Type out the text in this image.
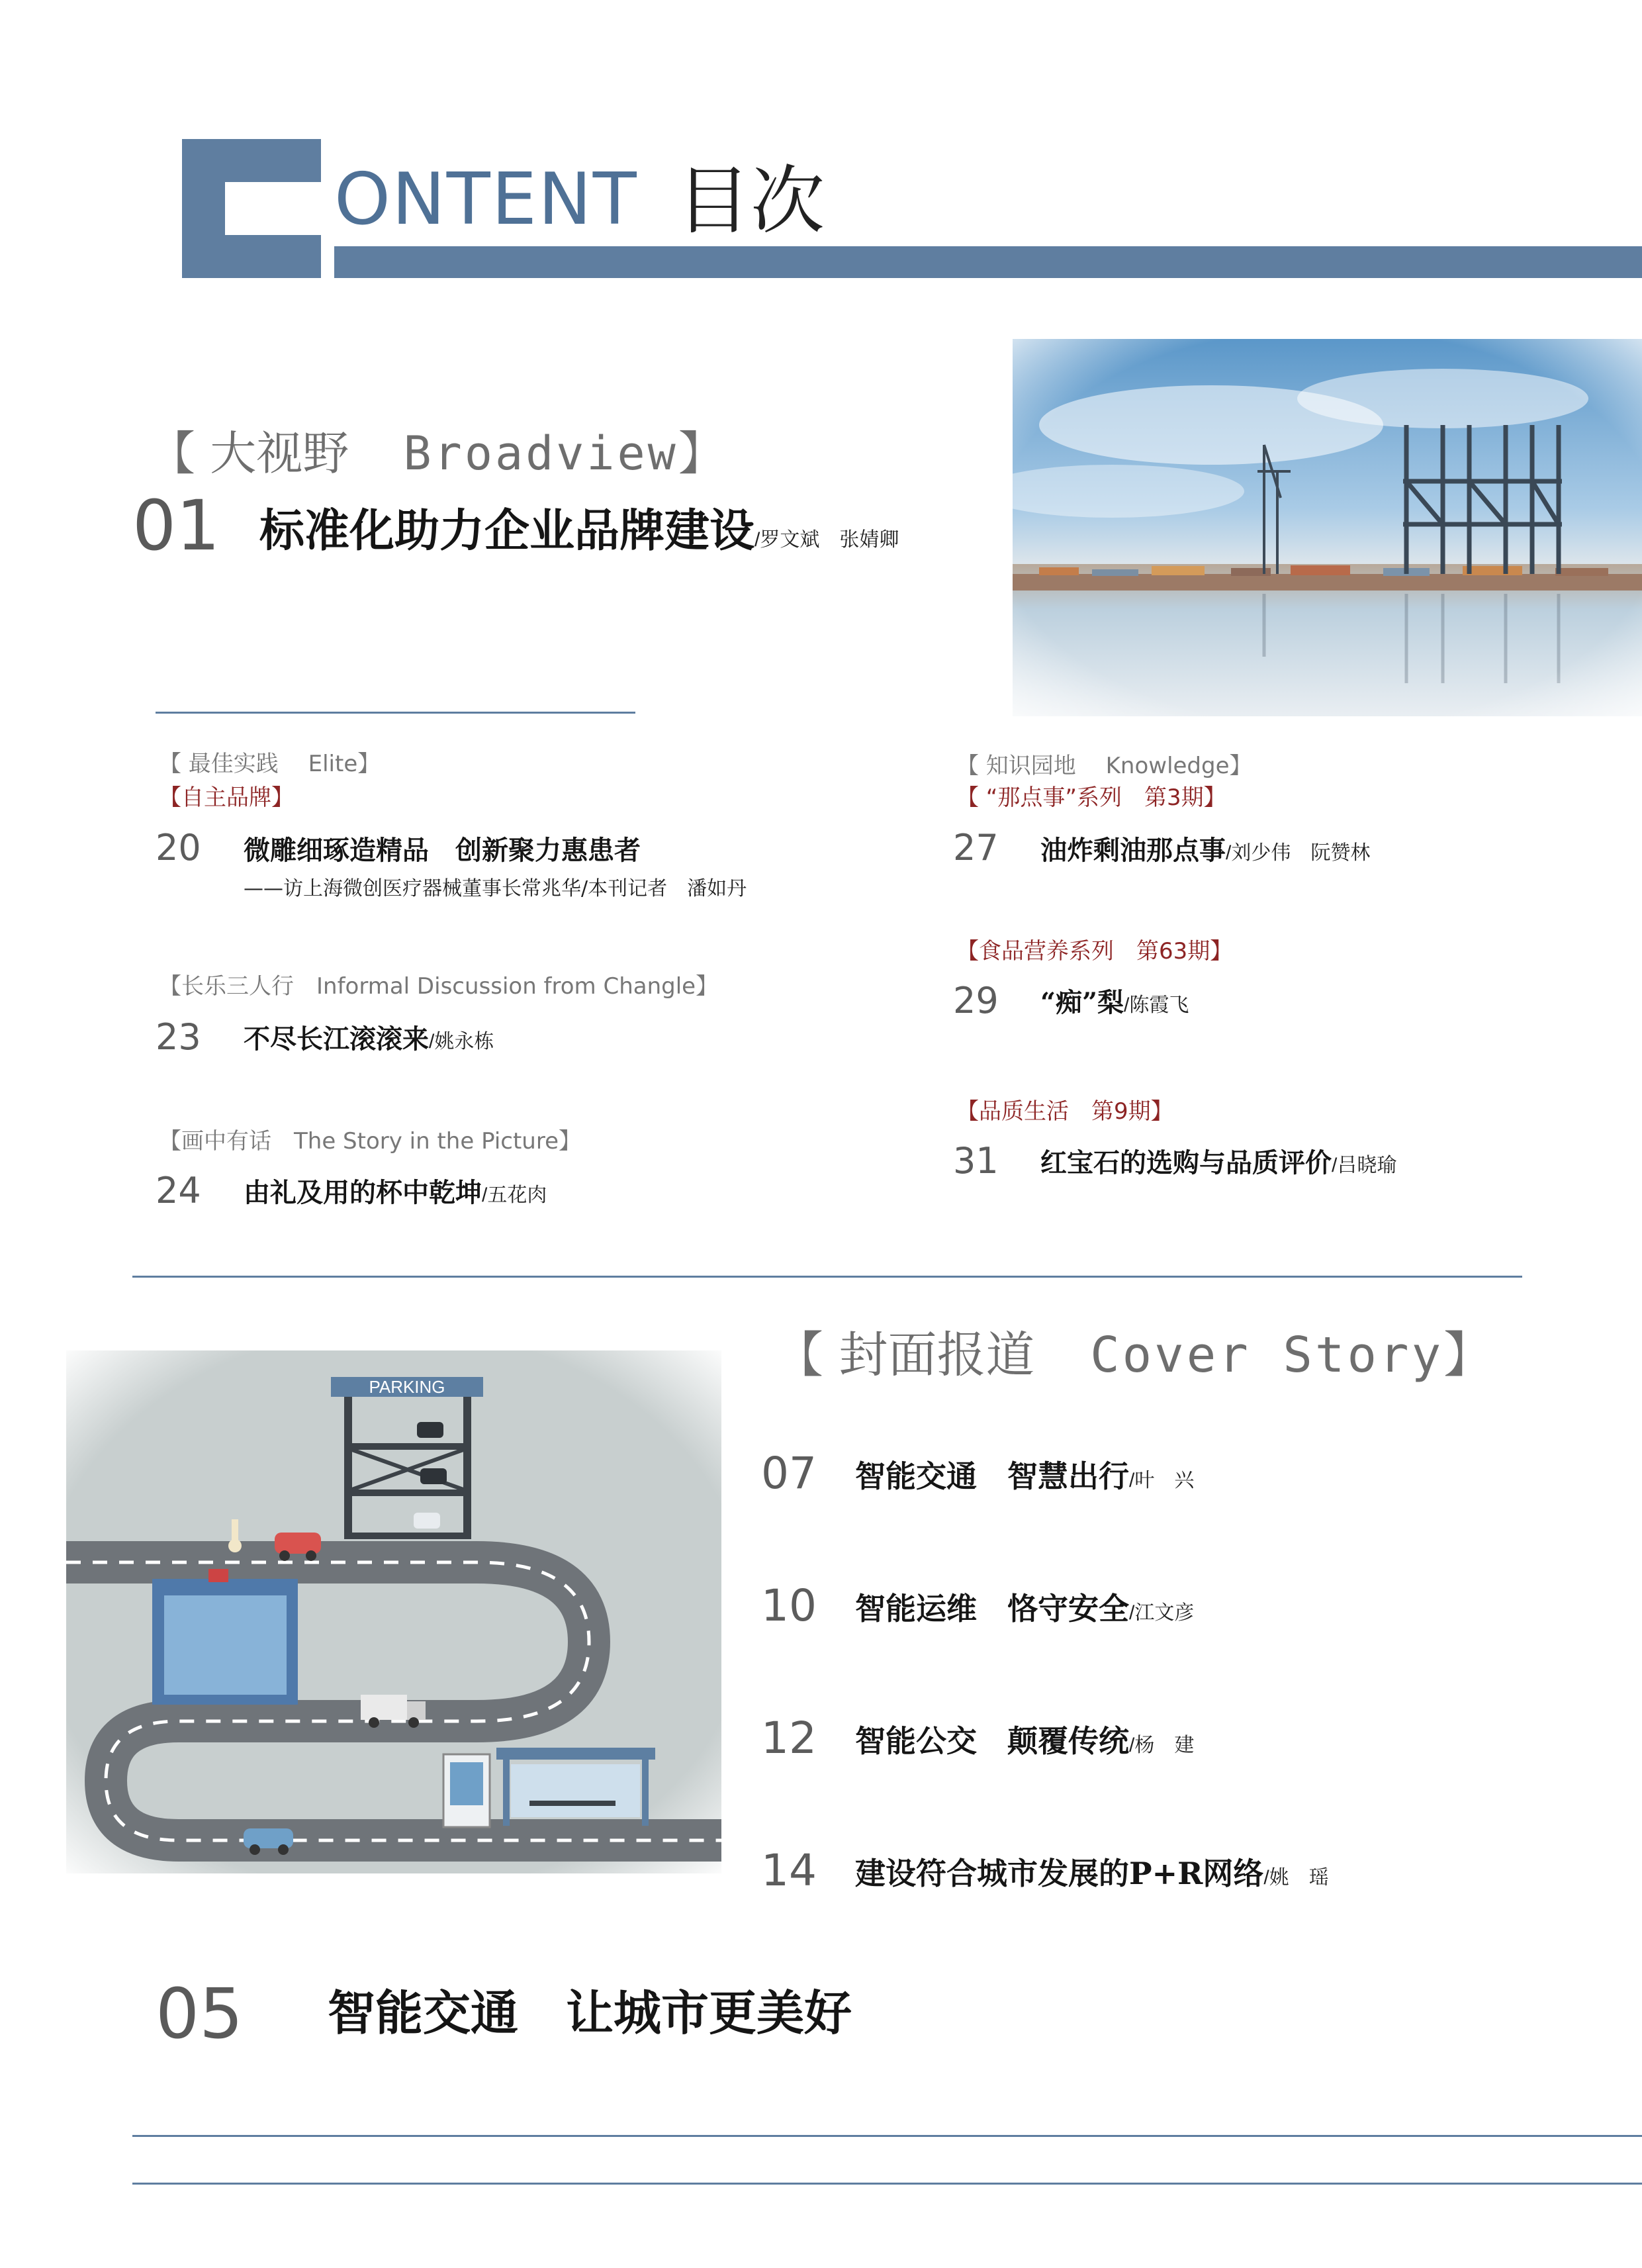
ONTENT 目次
【 大视野 Broadview】
01 标准化助力企业品牌建设/罗文斌　张婧卿
【 最佳实践　 Elite】
【自主品牌】
20 微雕细琢造精品　创新聚力惠患者
——访上海微创医疗器械董事长常兆华/本刊记者　潘如丹
【长乐三人行　Informal Discussion from Changle】
23 不尽长江滚滚来/姚永栋
【画中有话　The Story in the Picture】
24 由礼及用的杯中乾坤/五花肉
【 知识园地　 Knowledge】
【 “那点事”系列　第3期】
27 油炸剩油那点事/刘少伟　阮赞林
【食品营养系列　第63期】
29 “痴”梨/陈霞飞
【品质生活　第9期】
31 红宝石的选购与品质评价/吕晓瑜
【 封面报道 Cover Story】
07 智能交通　智慧出行/叶　兴
10 智能运维　恪守安全/江文彦
12 智能公交　颠覆传统/杨　建
14 建设符合城市发展的P+R网络/姚　瑶
PARKING
05 智能交通　让城市更美好
